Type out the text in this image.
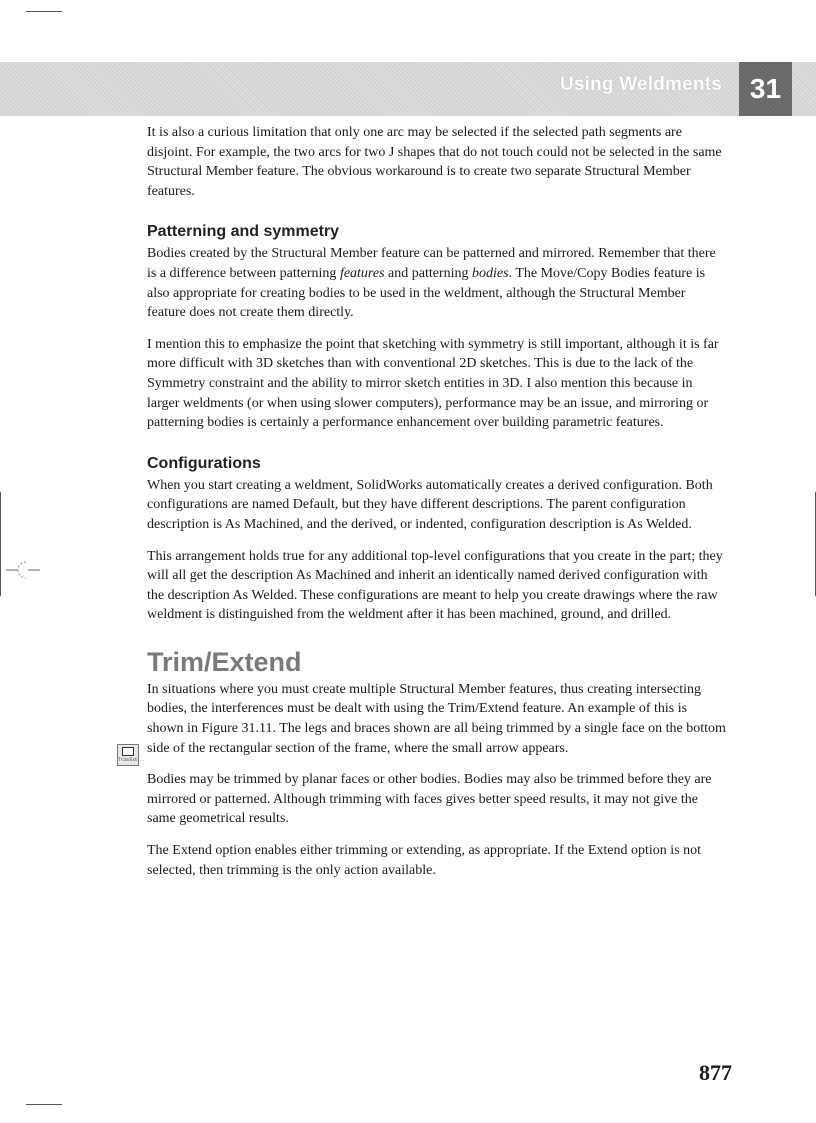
Using Weldments 31
Trim/Ext...

It is also a curious limitation that only one arc may be selected if the selected path segments are disjoint. For example, the two arcs for two J shapes that do not touch could not be selected in the same Structural Member feature. The obvious workaround is to create two separate Structural Member features.

Patterning and symmetry

Bodies created by the Structural Member feature can be patterned and mirrored. Remember that there is a difference between patterning features and patterning bodies. The Move/Copy Bodies feature is also appropriate for creating bodies to be used in the weldment, although the Structural Member feature does not create them directly.

I mention this to emphasize the point that sketching with symmetry is still important, although it is far more difficult with 3D sketches than with conventional 2D sketches. This is due to the lack of the Symmetry constraint and the ability to mirror sketch entities in 3D. I also mention this because in larger weldments (or when using slower computers), performance may be an issue, and mirroring or patterning bodies is certainly a performance enhancement over building parametric features.

Configurations

When you start creating a weldment, SolidWorks automatically creates a derived configuration. Both configurations are named Default, but they have different descriptions. The parent configuration description is As Machined, and the derived, or indented, configuration description is As Welded.

This arrangement holds true for any additional top-level configurations that you create in the part; they will all get the description As Machined and inherit an identically named derived configuration with the description As Welded. These configurations are meant to help you create drawings where the raw weldment is distinguished from the weldment after it has been machined, ground, and drilled.

Trim/Extend

In situations where you must create multiple Structural Member features, thus creating intersecting bodies, the interferences must be dealt with using the Trim/Extend feature. An example of this is shown in Figure 31.11. The legs and braces shown are all being trimmed by a single face on the bottom side of the rectangular section of the frame, where the small arrow appears.

Bodies may be trimmed by planar faces or other bodies. Bodies may also be trimmed before they are mirrored or patterned. Although trimming with faces gives better speed results, it may not give the same geometrical results.

The Extend option enables either trimming or extending, as appropriate. If the Extend option is not selected, then trimming is the only action available.

877
